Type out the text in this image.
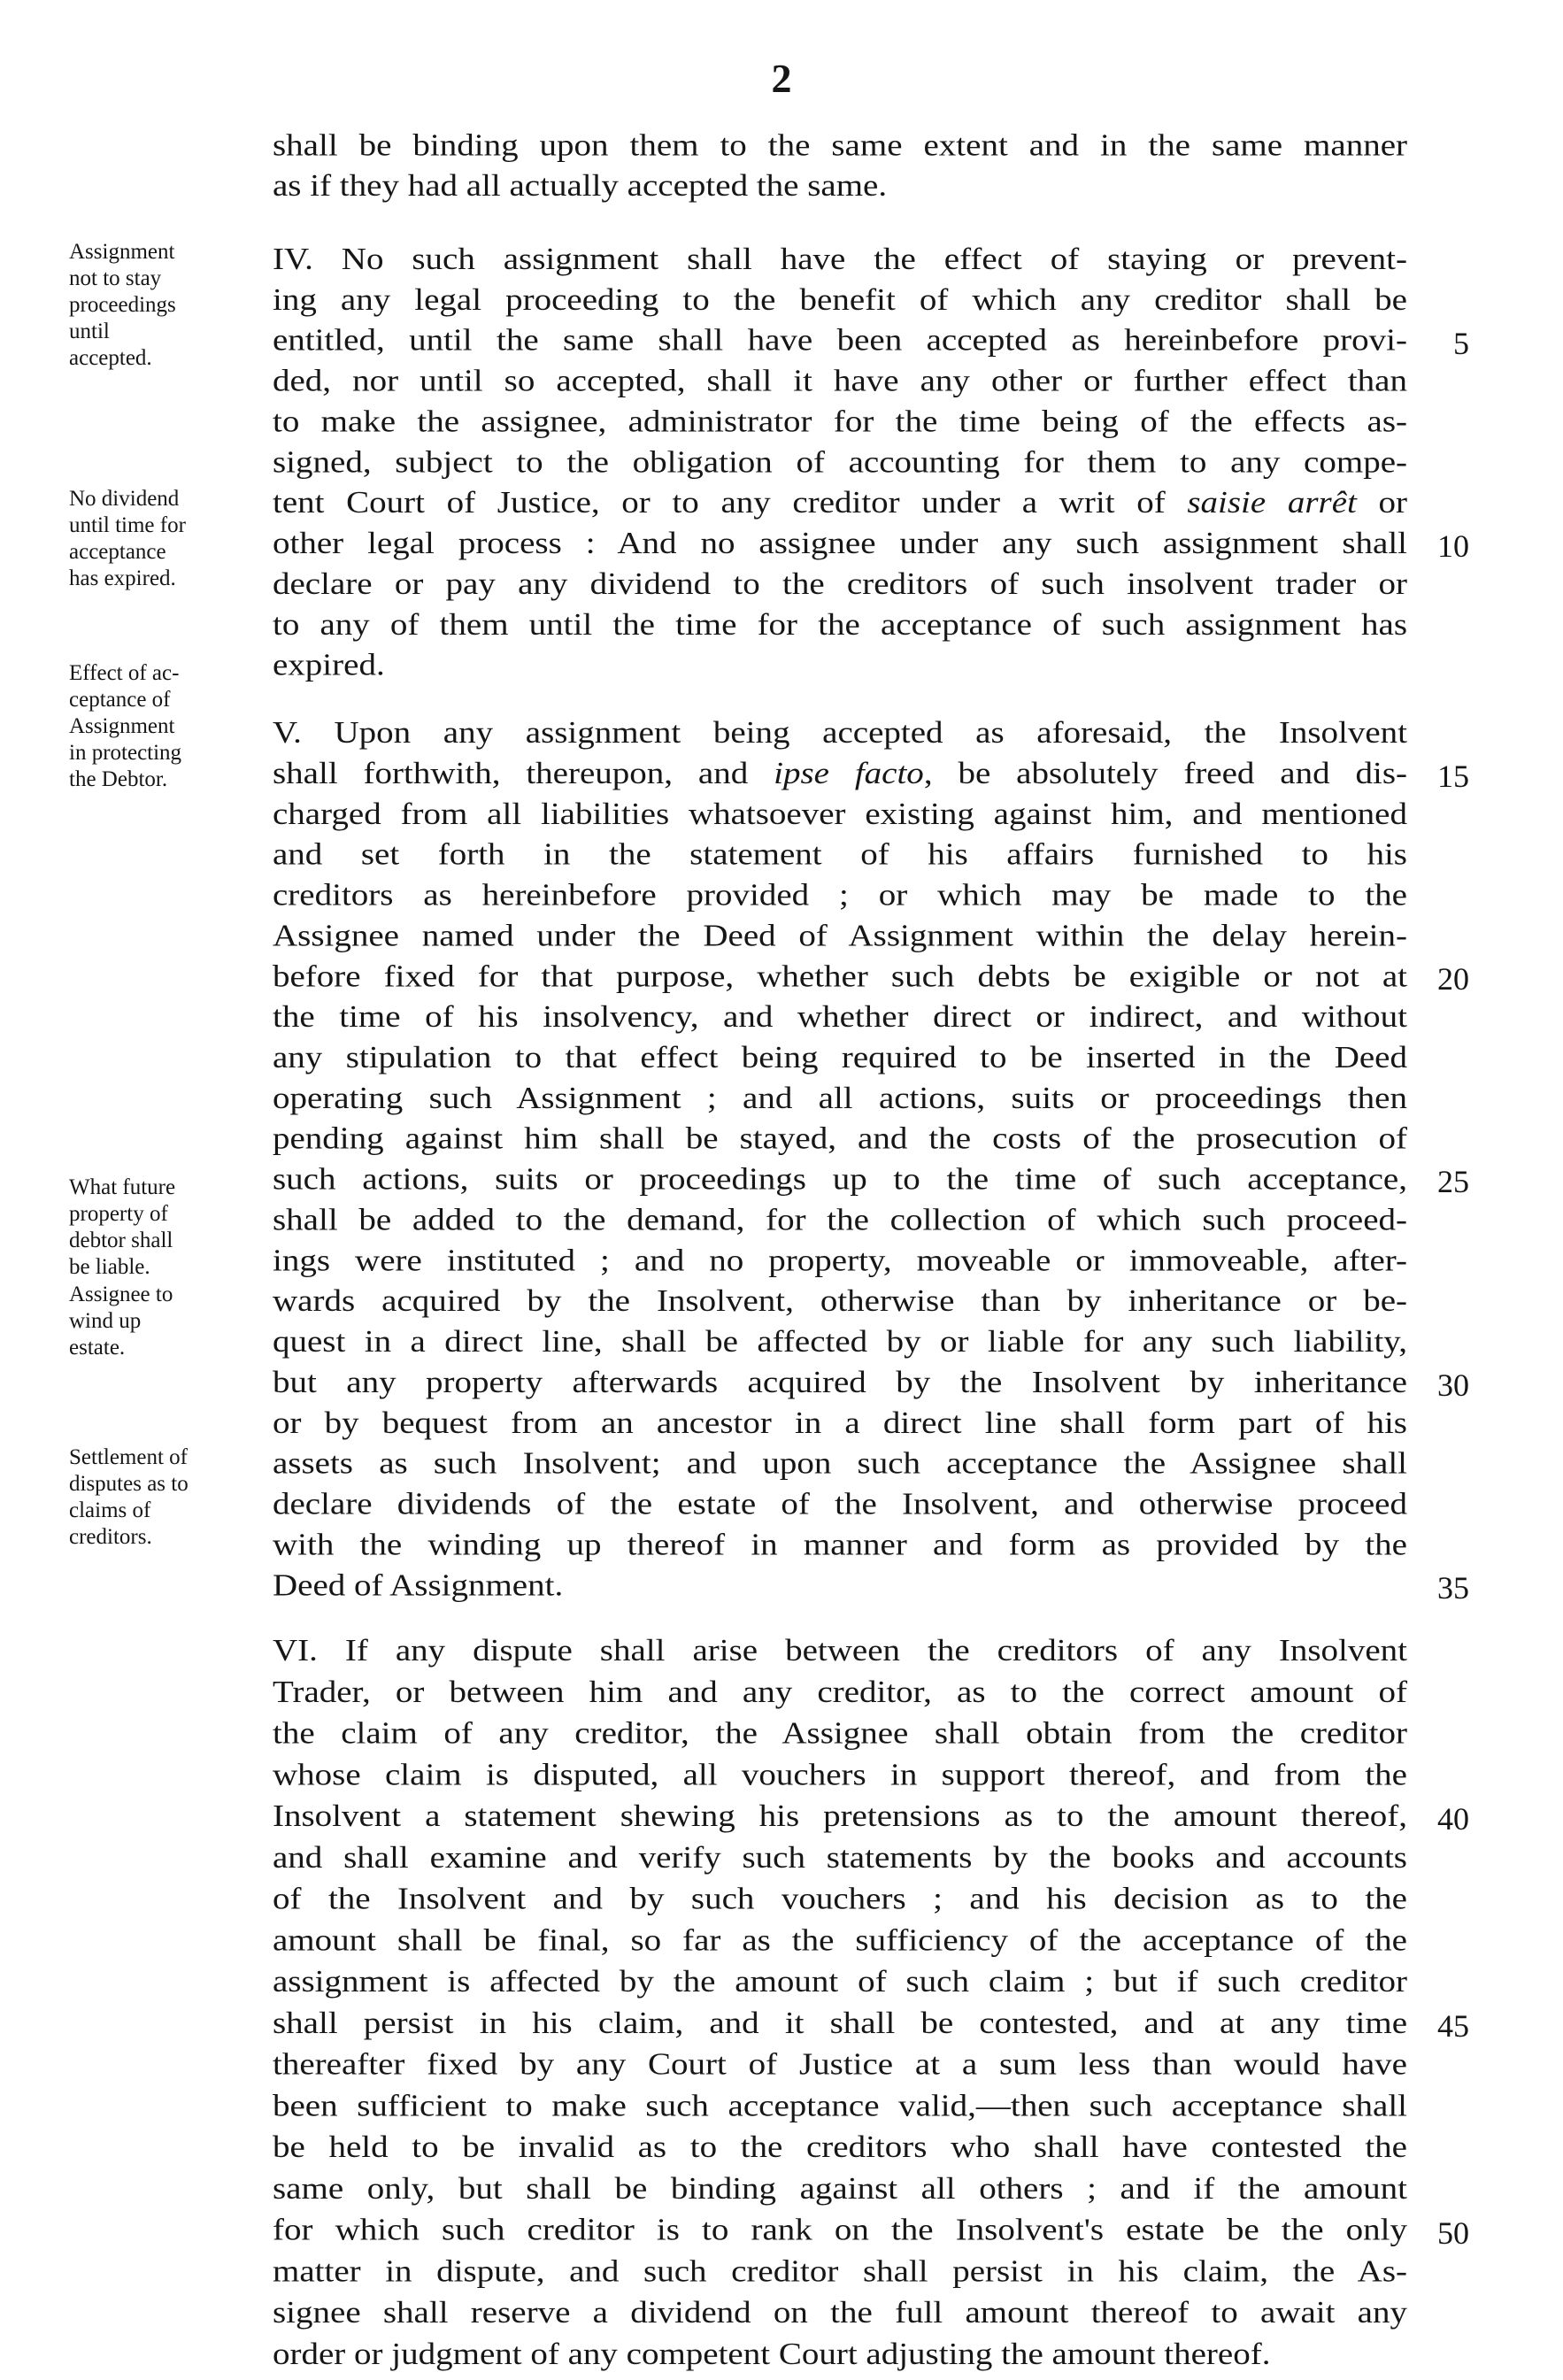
2
shall be binding upon them to the same extent and in the same manner
as if they had all actually accepted the same.
IV. No such assignment shall have the effect of staying or prevent-
ing any legal proceeding to the benefit of which any creditor shall be
entitled, until the same shall have been accepted as hereinbefore provi-
ded, nor until so accepted, shall it have any other or further effect than
to make the assignee, administrator for the time being of the effects as-
signed, subject to the obligation of accounting for them to any compe-
tent Court of Justice, or to any creditor under a writ of saisie arrêt or
other legal process : And no assignee under any such assignment shall
declare or pay any dividend to the creditors of such insolvent trader or
to any of them until the time for the acceptance of such assignment has
expired.
V. Upon any assignment being accepted as aforesaid, the Insolvent
shall forthwith, thereupon, and ipse facto, be absolutely freed and dis-
charged from all liabilities whatsoever existing against him, and mentioned
and set forth in the statement of his affairs furnished to his
creditors as hereinbefore provided ; or which may be made to the
Assignee named under the Deed of Assignment within the delay herein-
before fixed for that purpose, whether such debts be exigible or not at
the time of his insolvency, and whether direct or indirect, and without
any stipulation to that effect being required to be inserted in the Deed
operating such Assignment ; and all actions, suits or proceedings then
pending against him shall be stayed, and the costs of the prosecution of
such actions, suits or proceedings up to the time of such acceptance,
shall be added to the demand, for the collection of which such proceed-
ings were instituted ; and no property, moveable or immoveable, after-
wards acquired by the Insolvent, otherwise than by inheritance or be-
quest in a direct line, shall be affected by or liable for any such liability,
but any property afterwards acquired by the Insolvent by inheritance
or by bequest from an ancestor in a direct line shall form part of his
assets as such Insolvent; and upon such acceptance the Assignee shall
declare dividends of the estate of the Insolvent, and otherwise proceed
with the winding up thereof in manner and form as provided by the
Deed of Assignment.
VI. If any dispute shall arise between the creditors of any Insolvent
Trader, or between him and any creditor, as to the correct amount of
the claim of any creditor, the Assignee shall obtain from the creditor
whose claim is disputed, all vouchers in support thereof, and from the
Insolvent a statement shewing his pretensions as to the amount thereof,
and shall examine and verify such statements by the books and accounts
of the Insolvent and by such vouchers ; and his decision as to the
amount shall be final, so far as the sufficiency of the acceptance of the
assignment is affected by the amount of such claim ; but if such creditor
shall persist in his claim, and it shall be contested, and at any time
thereafter fixed by any Court of Justice at a sum less than would have
been sufficient to make such acceptance valid,—then such acceptance shall
be held to be invalid as to the creditors who shall have contested the
same only, but shall be binding against all others ; and if the amount
for which such creditor is to rank on the Insolvent's estate be the only
matter in dispute, and such creditor shall persist in his claim, the As-
signee shall reserve a dividend on the full amount thereof to await any
order or judgment of any competent Court adjusting the amount thereof.
Assignment
not to stay
proceedings
until
accepted.
No dividend
until time for
acceptance
has expired.
Effect of ac-
ceptance of
Assignment
in protecting
the Debtor.
What future
property of
debtor shall
be liable.
Assignee to
wind up
estate.
Settlement of
disputes as to
claims of
creditors.
5
10
15
20
25
30
35
40
45
50
